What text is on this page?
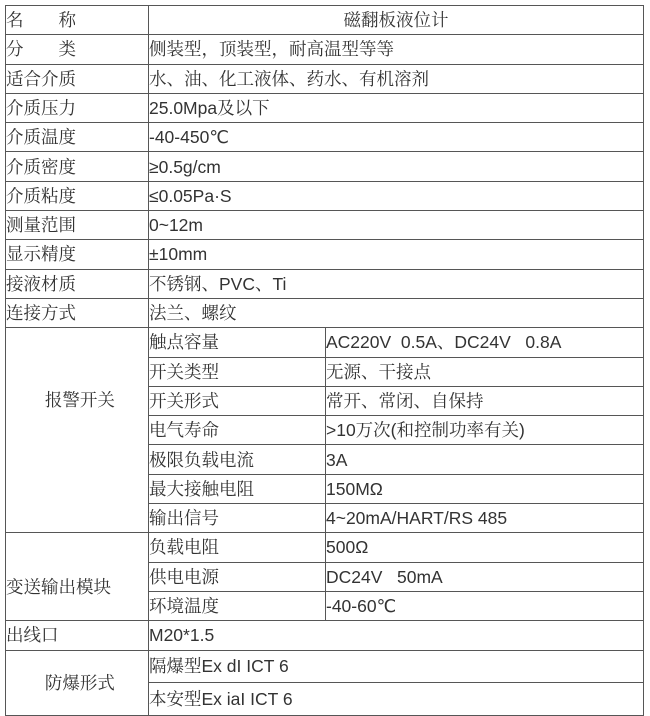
名　　称	磁翻板液位计	
分　　类	侧装型，顶装型，耐高温型等等	
适合介质	水、油、化工液体、药水、有机溶剂	
介质压力	25.0Mpa及以下	
介质温度	-40-450℃	
介质密度	≥0.5g/cm	
介质粘度	≤0.05Pa·S	
测量范围	0~12m	
显示精度	±10mm	
接液材质	不锈钢、PVC、Ti	
连接方式	法兰、螺纹	

报警开关	触点容量	AC220V  0.5A、DC24V   0.8A
	开关类型	无源、干接点
	开关形式	常开、常闭、自保持
	电气寿命	>10万次(和控制功率有关)
	极限负载电流	3A
	最大接触电阻	150MΩ
	输出信号	4~20mA/HART/RS 485

变送输出模块	负载电阻	500Ω
	供电电源	DC24V   50mA
	环境温度	-40-60℃
出线口	M20*1.5	

防爆形式	隔爆型Ex dI ICT 6	
	本安型Ex iaI ICT 6	
